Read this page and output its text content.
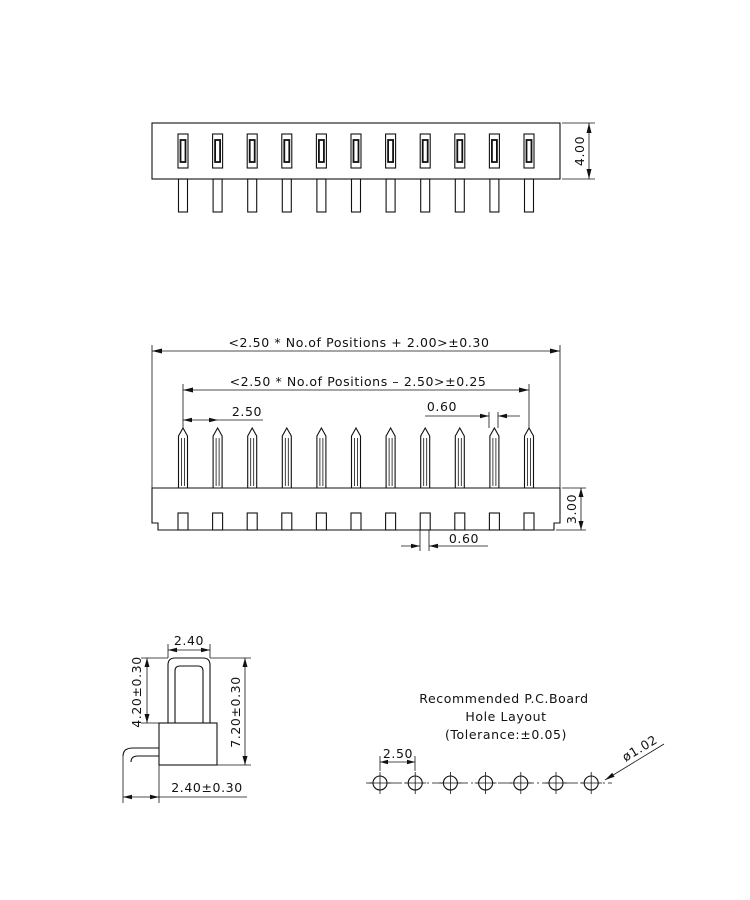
4.00
<2.50 * No.of Positions + 2.00>±0.30
<2.50 * No.of Positions – 2.50>±0.25
2.50	0.60
3.00
0.60
2.40
4.20±0.30	7.20±0.30
2.40±0.30
Recommended P.C.Board
Hole Layout
(Tolerance:±0.05)
2.50	ø1.02
